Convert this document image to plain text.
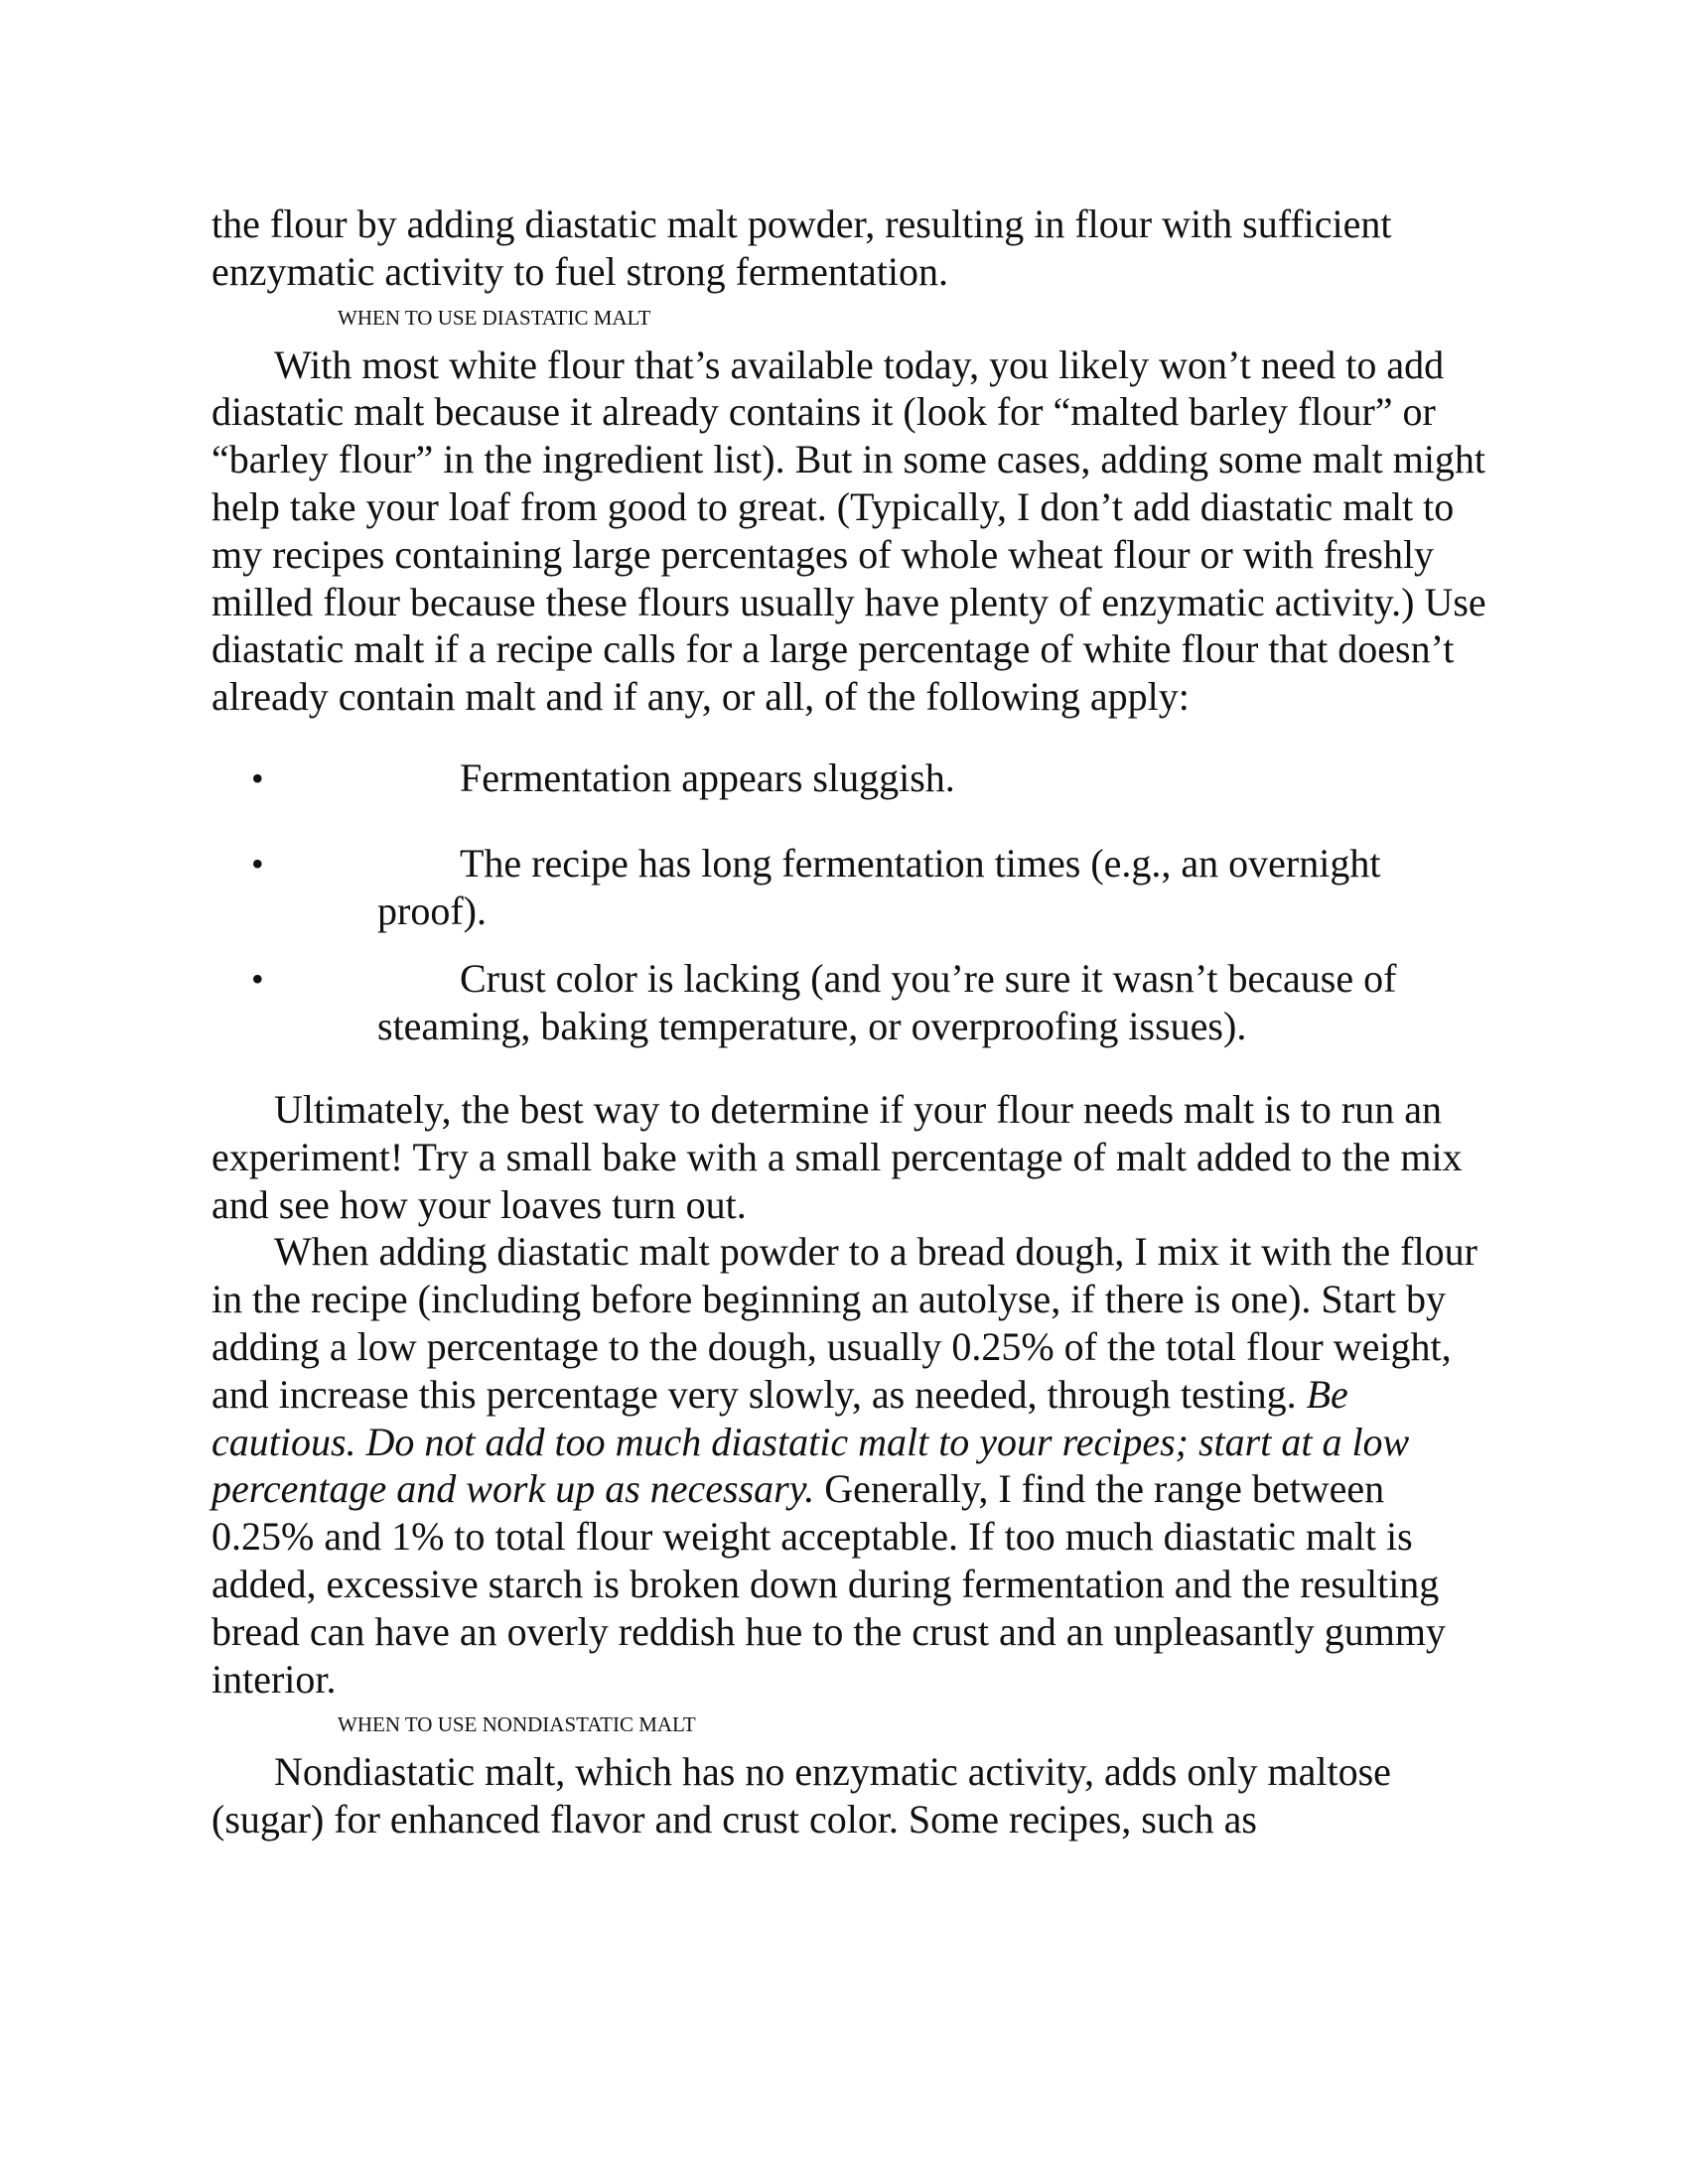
the flour by adding diastatic malt powder, resulting in flour with sufficient enzymatic activity to fuel strong fermentation.

WHEN TO USE DIASTATIC MALT

With most white flour that’s available today, you likely won’t need to add diastatic malt because it already contains it (look for “malted barley flour” or “barley flour” in the ingredient list). But in some cases, adding some malt might help take your loaf from good to great. (Typically, I don’t add diastatic malt to my recipes containing large percentages of whole wheat flour or with freshly milled flour because these flours usually have plenty of enzymatic activity.) Use diastatic malt if a recipe calls for a large percentage of white flour that doesn’t already contain malt and if any, or all, of the following apply:

•	Fermentation appears sluggish.
•	The recipe has long fermentation times (e.g., an overnight
proof).
•	Crust color is lacking (and you’re sure it wasn’t because of
steaming, baking temperature, or overproofing issues).

Ultimately, the best way to determine if your flour needs malt is to run an experiment! Try a small bake with a small percentage of malt added to the mix and see how your loaves turn out.

When adding diastatic malt powder to a bread dough, I mix it with the flour in the recipe (including before beginning an autolyse, if there is one). Start by adding a low percentage to the dough, usually 0.25% of the total flour weight, and increase this percentage very slowly, as needed, through testing. Be cautious. Do not add too much diastatic malt to your recipes; start at a low percentage and work up as necessary. Generally, I find the range between 0.25% and 1% to total flour weight acceptable. If too much diastatic malt is added, excessive starch is broken down during fermentation and the resulting bread can have an overly reddish hue to the crust and an unpleasantly gummy interior.

WHEN TO USE NONDIASTATIC MALT

Nondiastatic malt, which has no enzymatic activity, adds only maltose (sugar) for enhanced flavor and crust color. Some recipes, such as
